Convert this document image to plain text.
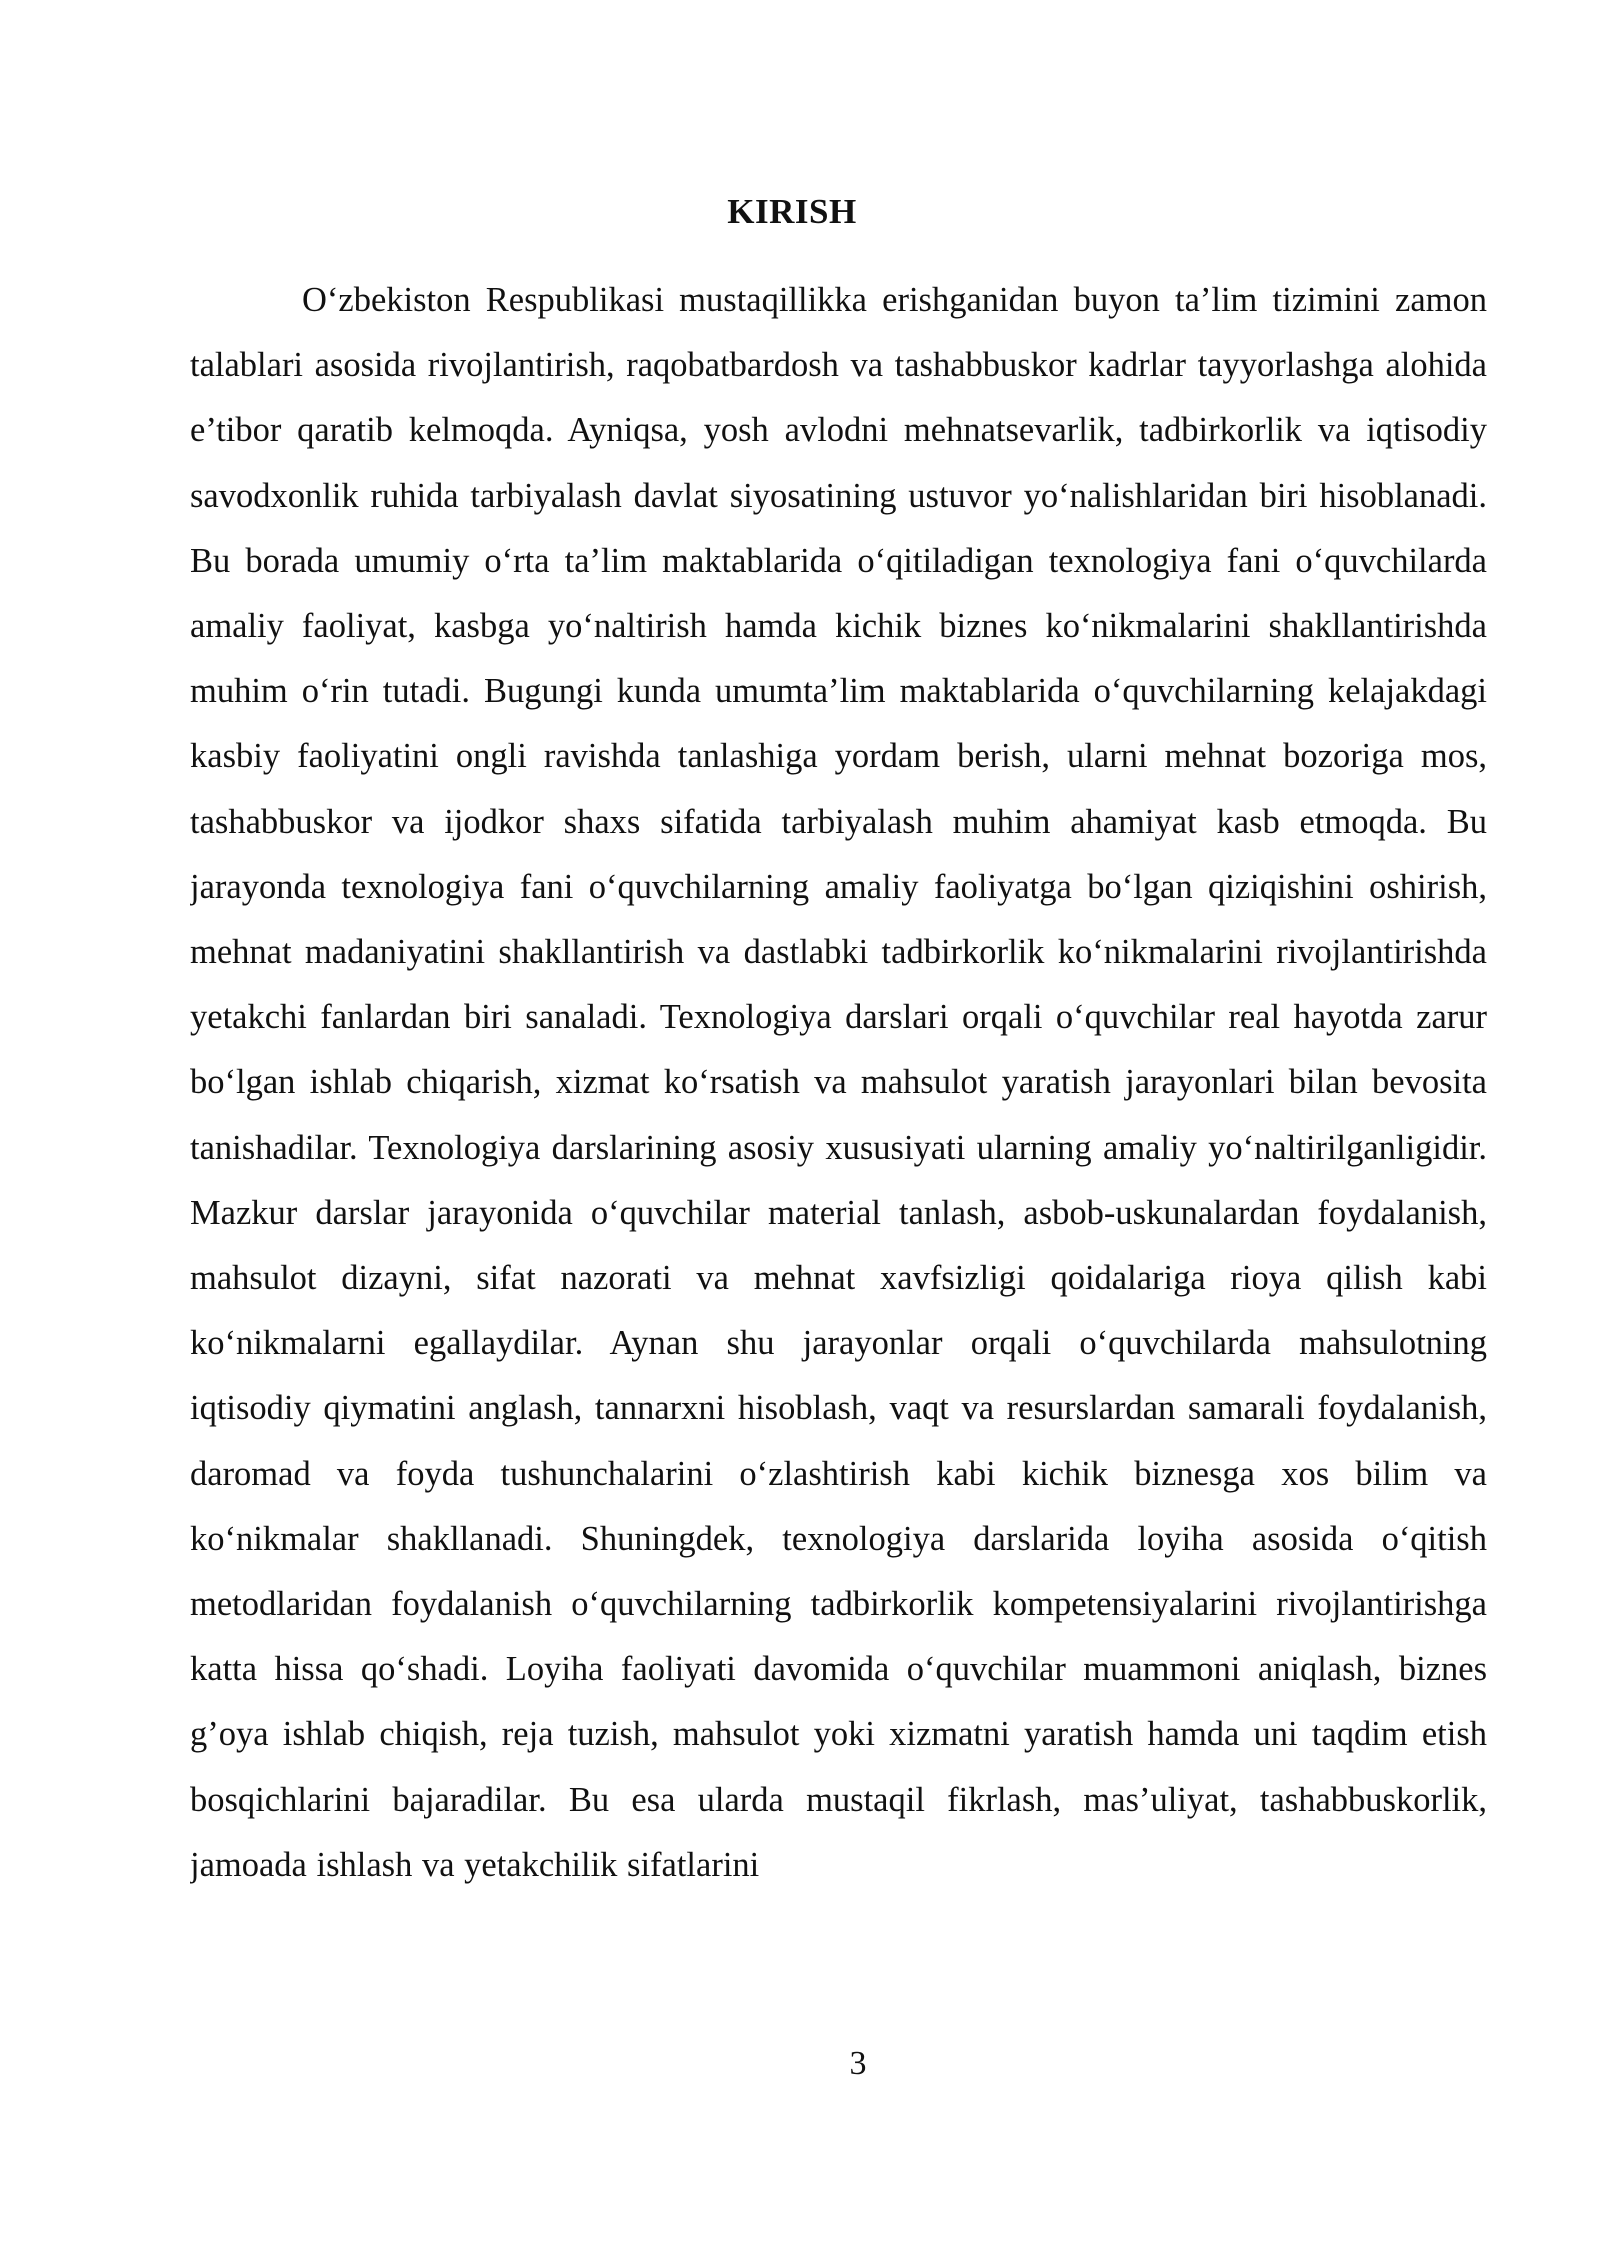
KIRISH

O‘zbekiston Respublikasi mustaqillikka erishganidan buyon ta’lim tizimini zamon talablari asosida rivojlantirish, raqobatbardosh va tashabbuskor kadrlar tayyorlashga alohida e’tibor qaratib kelmoqda. Ayniqsa, yosh avlodni mehnatsevarlik, tadbirkorlik va iqtisodiy savodxonlik ruhida tarbiyalash davlat siyosatining ustuvor yo‘nalishlaridan biri hisoblanadi. Bu borada umumiy o‘rta ta’lim maktablarida o‘qitiladigan texnologiya fani o‘quvchilarda amaliy faoliyat, kasbga yo‘naltirish hamda kichik biznes ko‘nikmalarini shakllantirishda muhim o‘rin tutadi. Bugungi kunda umumta’lim maktablarida o‘quvchilarning kelajakdagi kasbiy faoliyatini ongli ravishda tanlashiga yordam berish, ularni mehnat bozoriga mos, tashabbuskor va ijodkor shaxs sifatida tarbiyalash muhim ahamiyat kasb etmoqda. Bu jarayonda texnologiya fani o‘quvchilarning amaliy faoliyatga bo‘lgan qiziqishini oshirish, mehnat madaniyatini shakllantirish va dastlabki tadbirkorlik ko‘nikmalarini rivojlantirishda yetakchi fanlardan biri sanaladi. Texnologiya darslari orqali o‘quvchilar real hayotda zarur bo‘lgan ishlab chiqarish, xizmat ko‘rsatish va mahsulot yaratish jarayonlari bilan bevosita tanishadilar. Texnologiya darslarining asosiy xususiyati ularning amaliy yo‘naltirilganligidir. Mazkur darslar jarayonida o‘quvchilar material tanlash, asbob-uskunalardan foydalanish, mahsulot dizayni, sifat nazorati va mehnat xavfsizligi qoidalariga rioya qilish kabi ko‘nikmalarni egallaydilar. Aynan shu jarayonlar orqali o‘quvchilarda mahsulotning iqtisodiy qiymatini anglash, tannarxni hisoblash, vaqt va resurslardan samarali foydalanish, daromad va foyda tushunchalarini o‘zlashtirish kabi kichik biznesga xos bilim va ko‘nikmalar shakllanadi. Shuningdek, texnologiya darslarida loyiha asosida o‘qitish metodlaridan foydalanish o‘quvchilarning tadbirkorlik kompetensiyalarini rivojlantirishga katta hissa qo‘shadi. Loyiha faoliyati davomida o‘quvchilar muammoni aniqlash, biznes g’oya ishlab chiqish, reja tuzish, mahsulot yoki xizmatni yaratish hamda uni taqdim etish bosqichlarini bajaradilar. Bu esa ularda mustaqil fikrlash, mas’uliyat, tashabbuskorlik, jamoada ishlash va yetakchilik sifatlarini

3
